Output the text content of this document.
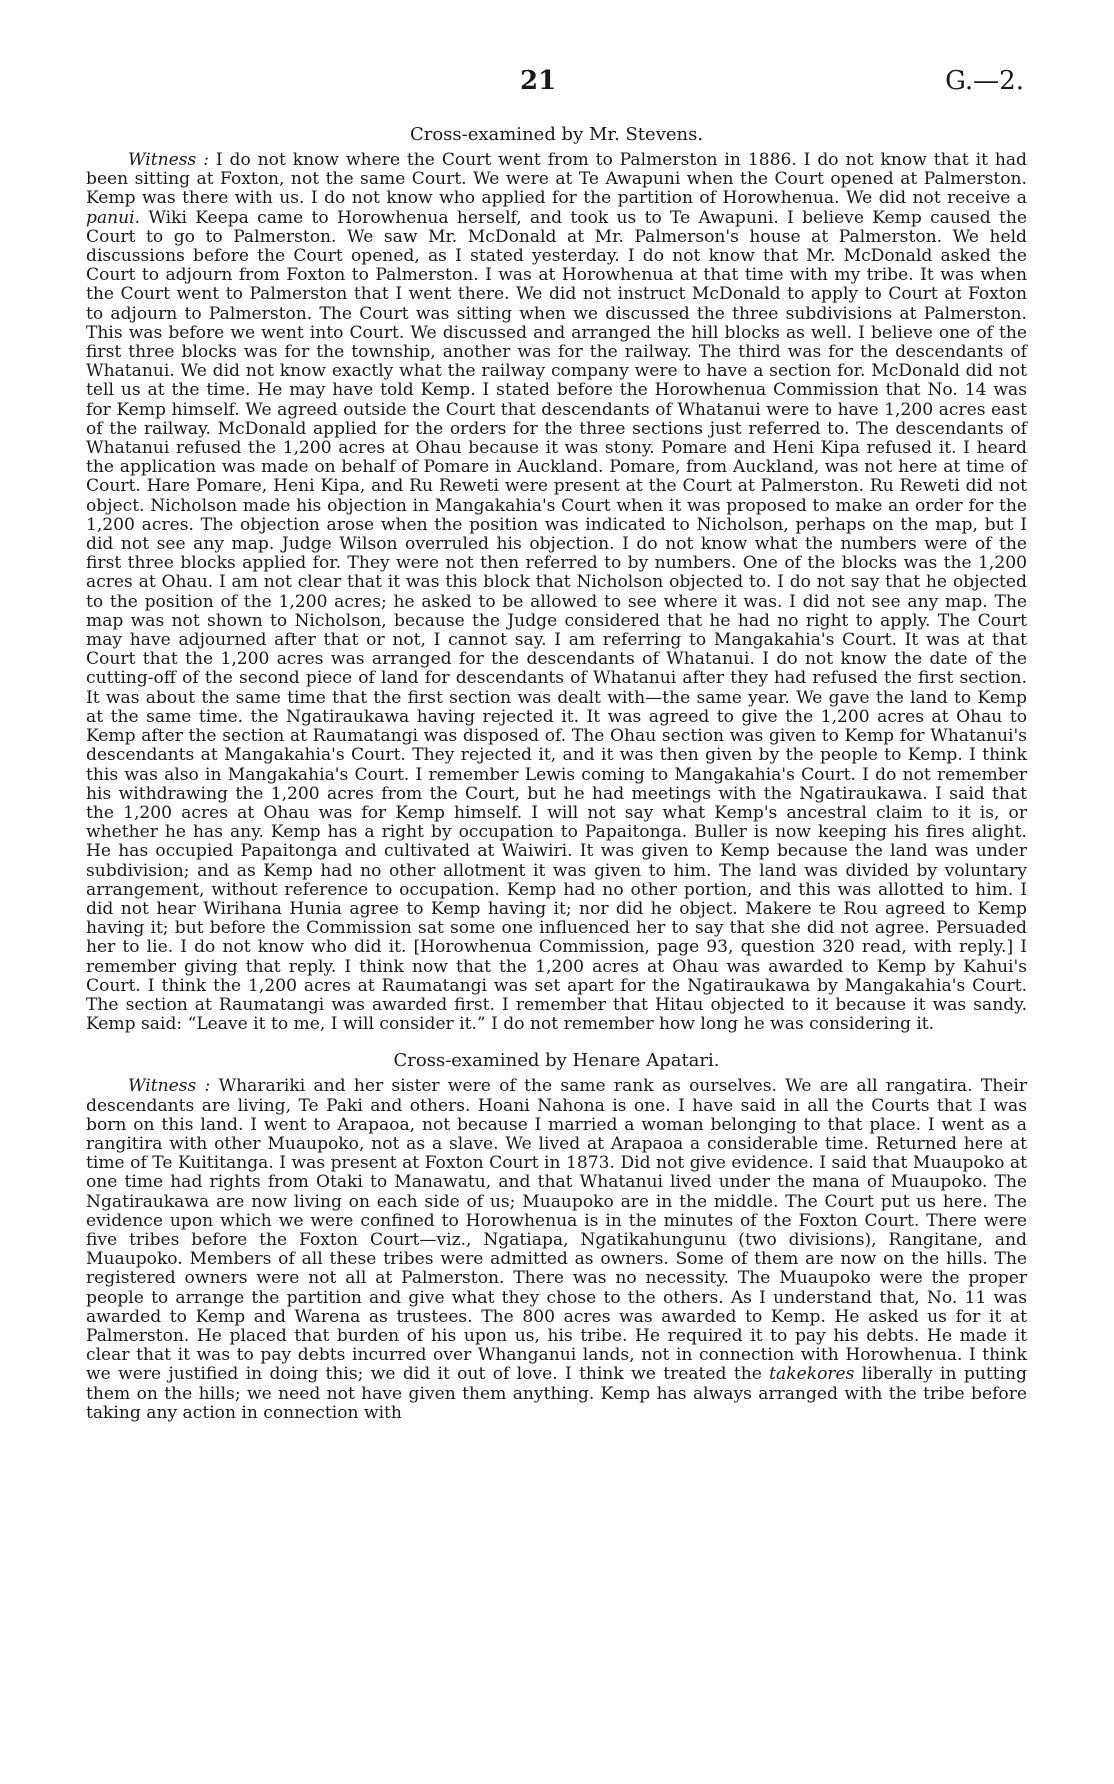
21	G.—2.
Cross-examined by Mr. Stevens.

Witness : I do not know where the Court went from to Palmerston in 1886. I do not know that it had been sitting at Foxton, not the same Court. We were at Te Awapuni when the Court opened at Palmerston. Kemp was there with us. I do not know who applied for the partition of Horowhenua. We did not receive a panui. Wiki Keepa came to Horowhenua herself, and took us to Te Awapuni. I believe Kemp caused the Court to go to Palmerston. We saw Mr. McDonald at Mr. Palmerson's house at Palmerston. We held discussions before the Court opened, as I stated yesterday. I do not know that Mr. McDonald asked the Court to adjourn from Foxton to Palmerston. I was at Horowhenua at that time with my tribe. It was when the Court went to Palmerston that I went there. We did not instruct McDonald to apply to Court at Foxton to adjourn to Palmerston. The Court was sitting when we discussed the three subdivisions at Palmerston. This was before we went into Court. We discussed and arranged the hill blocks as well. I believe one of the first three blocks was for the township, another was for the railway. The third was for the descendants of Whatanui. We did not know exactly what the railway company were to have a section for. McDonald did not tell us at the time. He may have told Kemp. I stated before the Horowhenua Commission that No. 14 was for Kemp himself. We agreed outside the Court that descendants of Whatanui were to have 1,200 acres east of the railway. McDonald applied for the orders for the three sections just referred to. The descendants of Whatanui refused the 1,200 acres at Ohau because it was stony. Pomare and Heni Kipa refused it. I heard the application was made on behalf of Pomare in Auckland. Pomare, from Auckland, was not here at time of Court. Hare Pomare, Heni Kipa, and Ru Reweti were present at the Court at Palmerston. Ru Reweti did not object. Nicholson made his objection in Mangakahia's Court when it was proposed to make an order for the 1,200 acres. The objection arose when the position was indicated to Nicholson, perhaps on the map, but I did not see any map. Judge Wilson overruled his objection. I do not know what the numbers were of the first three blocks applied for. They were not then referred to by numbers. One of the blocks was the 1,200 acres at Ohau. I am not clear that it was this block that Nicholson objected to. I do not say that he objected to the position of the 1,200 acres; he asked to be allowed to see where it was. I did not see any map. The map was not shown to Nicholson, because the Judge considered that he had no right to apply. The Court may have adjourned after that or not, I cannot say. I am referring to Mangakahia's Court. It was at that Court that the 1,200 acres was arranged for the descendants of Whatanui. I do not know the date of the cutting-off of the second piece of land for descendants of Whatanui after they had refused the first section. It was about the same time that the first section was dealt with—the same year. We gave the land to Kemp at the same time. the Ngatiraukawa having rejected it. It was agreed to give the 1,200 acres at Ohau to Kemp after the section at Raumatangi was disposed of. The Ohau section was given to Kemp for Whatanui's descendants at Mangakahia's Court. They rejected it, and it was then given by the people to Kemp. I think this was also in Mangakahia's Court. I remember Lewis coming to Mangakahia's Court. I do not remember his withdrawing the 1,200 acres from the Court, but he had meetings with the Ngatiraukawa. I said that the 1,200 acres at Ohau was for Kemp himself. I will not say what Kemp's ancestral claim to it is, or whether he has any. Kemp has a right by occupation to Papaitonga. Buller is now keeping his fires alight. He has occupied Papaitonga and cultivated at Waiwiri. It was given to Kemp because the land was under subdivision; and as Kemp had no other allotment it was given to him. The land was divided by voluntary arrangement, without reference to occupation. Kemp had no other portion, and this was allotted to him. I did not hear Wirihana Hunia agree to Kemp having it; nor did he object. Makere te Rou agreed to Kemp having it; but before the Commission sat some one influenced her to say that she did not agree. Persuaded her to lie. I do not know who did it. [Horowhenua Commission, page 93, question 320 read, with reply.] I remember giving that reply. I think now that the 1,200 acres at Ohau was awarded to Kemp by Kahui's Court. I think the 1,200 acres at Raumatangi was set apart for the Ngatiraukawa by Mangakahia's Court. The section at Raumatangi was awarded first. I remember that Hitau objected to it because it was sandy. Kemp said: “Leave it to me, I will consider it.” I do not remember how long he was considering it.

Cross-examined by Henare Apatari.

Witness : Wharariki and her sister were of the same rank as ourselves. We are all rangatira. Their descendants are living, Te Paki and others. Hoani Nahona is one. I have said in all the Courts that I was born on this land. I went to Arapaoa, not because I married a woman belonging to that place. I went as a rangitira with other Muaupoko, not as a slave. We lived at Arapaoa a considerable time. Returned here at time of Te Kuititanga. I was present at Foxton Court in 1873. Did not give evidence. I said that Muaupoko at one time had rights from Otaki to Manawatu, and that Whatanui lived under the mana of Muaupoko. The Ngatiraukawa are now living on each side of us; Muaupoko are in the middle. The Court put us here. The evidence upon which we were confined to Horowhenua is in the minutes of the Foxton Court. There were five tribes before the Foxton Court—viz., Ngatiapa, Ngatikahungunu (two divisions), Rangitane, and Muaupoko. Members of all these tribes were admitted as owners. Some of them are now on the hills. The registered owners were not all at Palmerston. There was no necessity. The Muaupoko were the proper people to arrange the partition and give what they chose to the others. As I understand that, No. 11 was awarded to Kemp and Warena as trustees. The 800 acres was awarded to Kemp. He asked us for it at Palmerston. He placed that burden of his upon us, his tribe. He required it to pay his debts. He made it clear that it was to pay debts incurred over Whanganui lands, not in connection with Horowhenua. I think we were justified in doing this; we did it out of love. I think we treated the takekores liberally in putting them on the hills; we need not have given them anything. Kemp has always arranged with the tribe before taking any action in connection with
